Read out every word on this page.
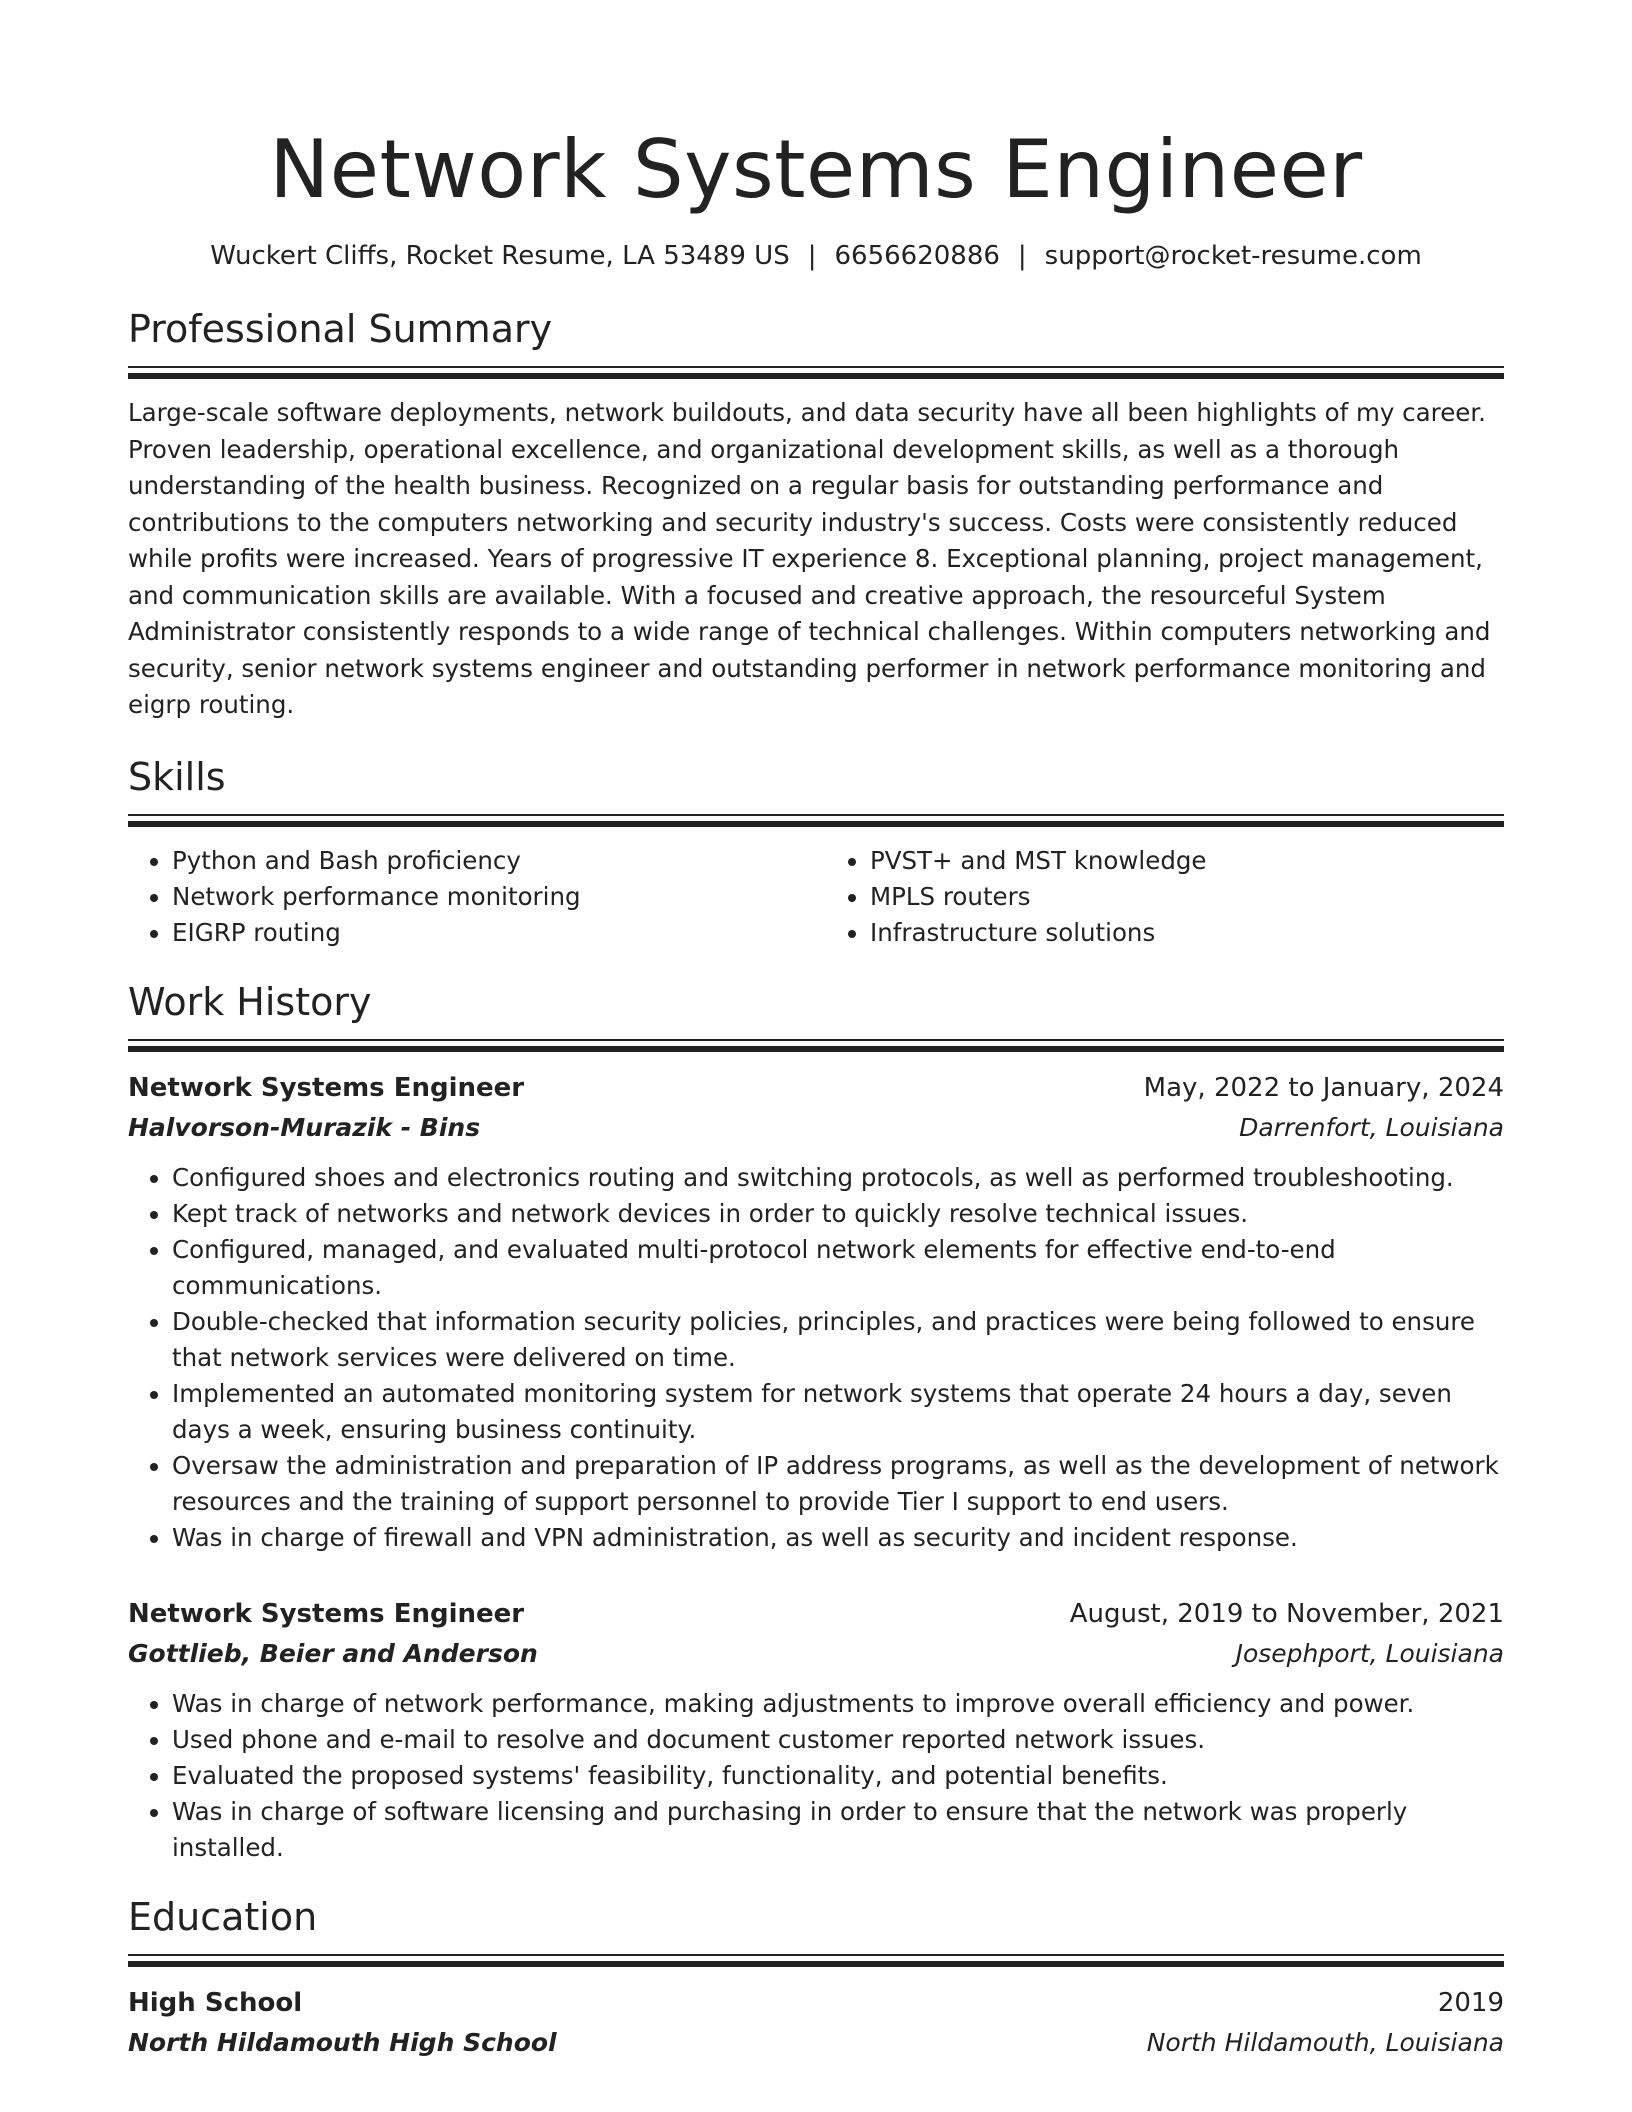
Network Systems Engineer
Wuckert Cliffs, Rocket Resume, LA 53489 US | 6656620886 | support@rocket-resume.com
Professional Summary

Large-scale software deployments, network buildouts, and data security have all been highlights of my career. Proven leadership, operational excellence, and organizational development skills, as well as a thorough understanding of the health business. Recognized on a regular basis for outstanding performance and contributions to the computers networking and security industry's success. Costs were consistently reduced while profits were increased. Years of progressive IT experience 8. Exceptional planning, project management, and communication skills are available. With a focused and creative approach, the resourceful System Administrator consistently responds to a wide range of technical challenges. Within computers networking and security, senior network systems engineer and outstanding performer in network performance monitoring and eigrp routing.

Skills
• Python and Bash proficiency
• Network performance monitoring
• EIGRP routing
• PVST+ and MST knowledge
• MPLS routers
• Infrastructure solutions
Work History
Network Systems Engineer	May, 2022 to January, 2024
Halvorson-Murazik - Bins	Darrenfort, Louisiana
• Configured shoes and electronics routing and switching protocols, as well as performed troubleshooting.
• Kept track of networks and network devices in order to quickly resolve technical issues.
• Configured, managed, and evaluated multi-protocol network elements for effective end-to-end communications.
• Double-checked that information security policies, principles, and practices were being followed to ensure that network services were delivered on time.
• Implemented an automated monitoring system for network systems that operate 24 hours a day, seven days a week, ensuring business continuity.
• Oversaw the administration and preparation of IP address programs, as well as the development of network resources and the training of support personnel to provide Tier I support to end users.
• Was in charge of firewall and VPN administration, as well as security and incident response.
Network Systems Engineer	August, 2019 to November, 2021
Gottlieb, Beier and Anderson	Josephport, Louisiana
• Was in charge of network performance, making adjustments to improve overall efficiency and power.
• Used phone and e-mail to resolve and document customer reported network issues.
• Evaluated the proposed systems' feasibility, functionality, and potential benefits.
• Was in charge of software licensing and purchasing in order to ensure that the network was properly installed.
Education
High School	2019
North Hildamouth High School	North Hildamouth, Louisiana
